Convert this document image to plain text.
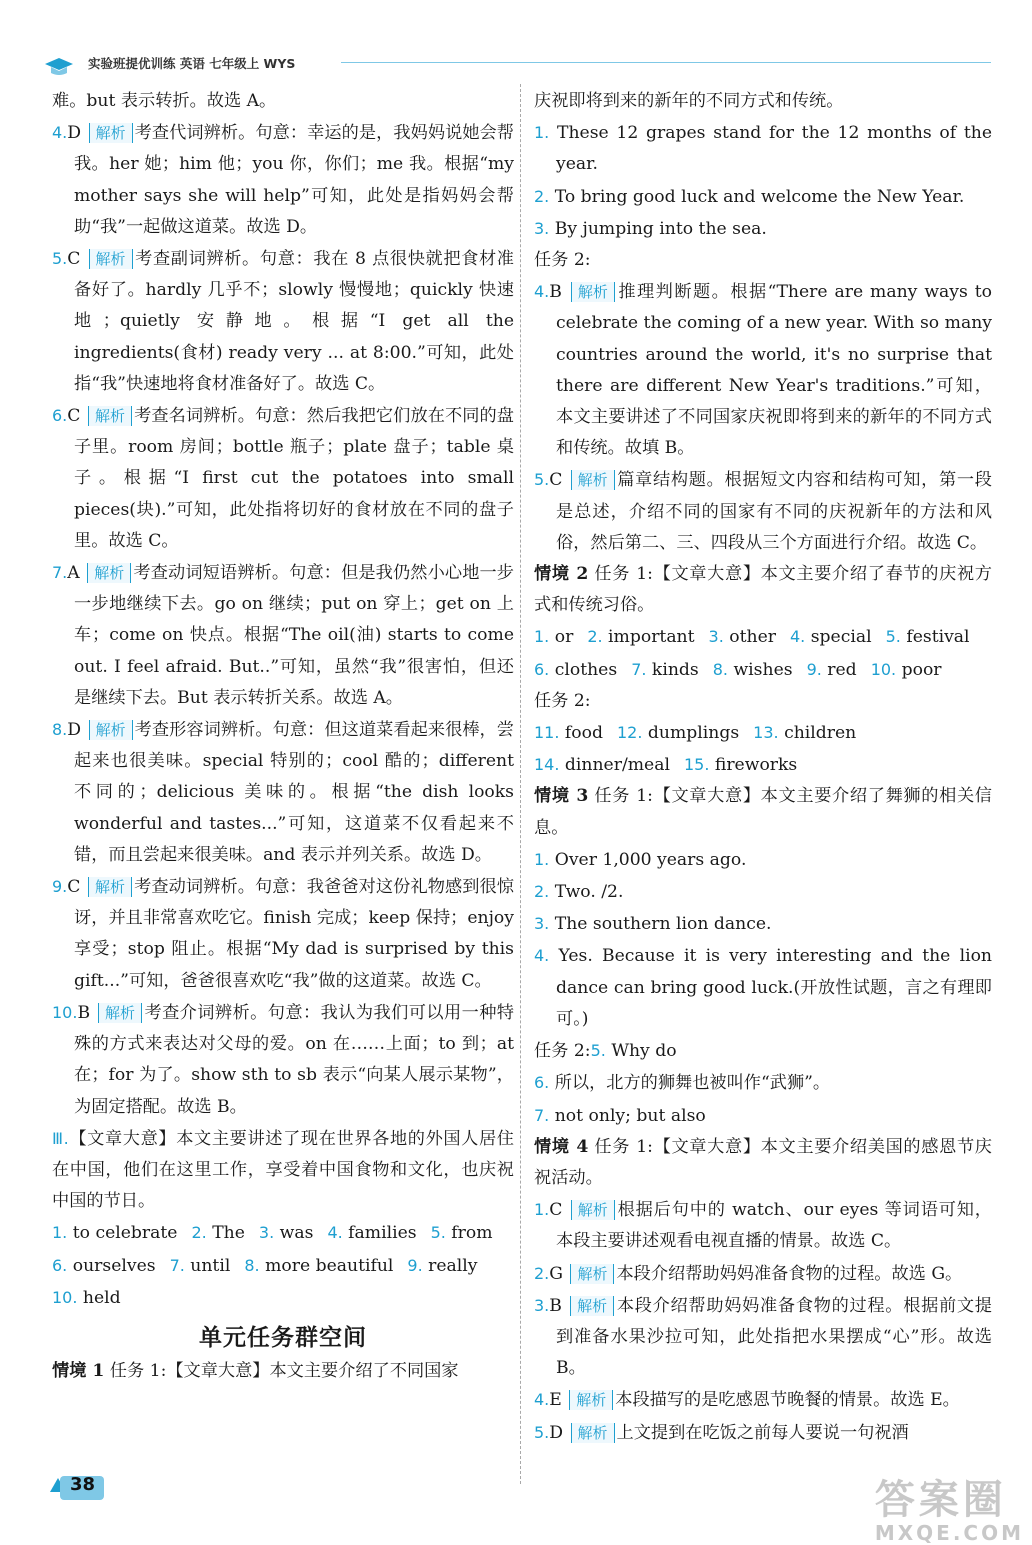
实验班提优训练 英语 七年级上 WYS

难。but 表示转折。故选 A。

4.D 解析 考查代词辨析。句意：幸运的是，我妈妈说她会帮我。her 她；him 他；you 你，你们；me 我。根据“my mother says she will help”可知，此处是指妈妈会帮助“我”一起做这道菜。故选 D。

5.C 解析 考查副词辨析。句意：我在 8 点很快就把食材准备好了。hardly 几乎不；slowly 慢慢地；quickly 快速地；quietly 安静地。根据“I get all the ingredients(食材) ready very ... at 8:00.”可知，此处指“我”快速地将食材准备好了。故选 C。

6.C 解析 考查名词辨析。句意：然后我把它们放在不同的盘子里。room 房间；bottle 瓶子；plate 盘子；table 桌子。根据“I first cut the potatoes into small pieces(块).”可知，此处指将切好的食材放在不同的盘子里。故选 C。

7.A 解析 考查动词短语辨析。句意：但是我仍然小心地一步一步地继续下去。go on 继续；put on 穿上；get on 上车；come on 快点。根据“The oil(油) starts to come out. I feel afraid. But..”可知，虽然“我”很害怕，但还是继续下去。But 表示转折关系。故选 A。

8.D 解析 考查形容词辨析。句意：但这道菜看起来很棒，尝起来也很美味。special 特别的；cool 酷的；different 不同的；delicious 美味的。根据“the dish looks wonderful and tastes...”可知，这道菜不仅看起来不错，而且尝起来很美味。and 表示并列关系。故选 D。

9.C 解析 考查动词辨析。句意：我爸爸对这份礼物感到很惊讶，并且非常喜欢吃它。finish 完成；keep 保持；enjoy 享受；stop 阻止。根据“My dad is surprised by this gift...”可知，爸爸很喜欢吃“我”做的这道菜。故选 C。

10.B 解析 考查介词辨析。句意：我认为我们可以用一种特殊的方式来表达对父母的爱。on 在……上面；to 到；at 在；for 为了。show sth to sb 表示“向某人展示某物”，为固定搭配。故选 B。

Ⅲ.【文章大意】本文主要讲述了现在世界各地的外国人居住在中国，他们在这里工作，享受着中国食物和文化，也庆祝中国的节日。

1. to celebrate 2. The 3. was 4. families 5. from
6. ourselves 7. until 8. more beautiful 9. really
10. held
单元任务群空间

情境 1 任务 1:【文章大意】本文主要介绍了不同国家

庆祝即将到来的新年的不同方式和传统。

1. These 12 grapes stand for the 12 months of the year.

2. To bring good luck and welcome the New Year.

3. By jumping into the sea.

任务 2:

4.B 解析 推理判断题。根据“There are many ways to celebrate the coming of a new year. With so many countries around the world, it's no surprise that there are different New Year's traditions.”可知，本文主要讲述了不同国家庆祝即将到来的新年的不同方式和传统。故填 B。

5.C 解析 篇章结构题。根据短文内容和结构可知，第一段是总述，介绍不同的国家有不同的庆祝新年的方法和风俗，然后第二、三、四段从三个方面进行介绍。故选 C。

情境 2 任务 1:【文章大意】本文主要介绍了春节的庆祝方式和传统习俗。

1. or 2. important 3. other 4. special 5. festival
6. clothes 7. kinds 8. wishes 9. red 10. poor

任务 2:

11. food 12. dumplings 13. children
14. dinner/meal 15. fireworks

情境 3 任务 1:【文章大意】本文主要介绍了舞狮的相关信息。

1. Over 1,000 years ago.

2. Two. /2.

3. The southern lion dance.

4. Yes. Because it is very interesting and the lion dance can bring good luck.(开放性试题，言之有理即可。)

任务 2:5. Why do

6. 所以，北方的狮舞也被叫作“武狮”。

7. not only; but also

情境 4 任务 1:【文章大意】本文主要介绍美国的感恩节庆祝活动。

1.C 解析 根据后句中的 watch、our eyes 等词语可知，本段主要讲述观看电视直播的情景。故选 C。

2.G 解析 本段介绍帮助妈妈准备食物的过程。故选 G。

3.B 解析 本段介绍帮助妈妈准备食物的过程。根据前文提到准备水果沙拉可知，此处指把水果摆成“心”形。故选 B。

4.E 解析 本段描写的是吃感恩节晚餐的情景。故选 E。

5.D 解析 上文提到在吃饭之前每人要说一句祝酒

38	答案圈
MXQE.COM
